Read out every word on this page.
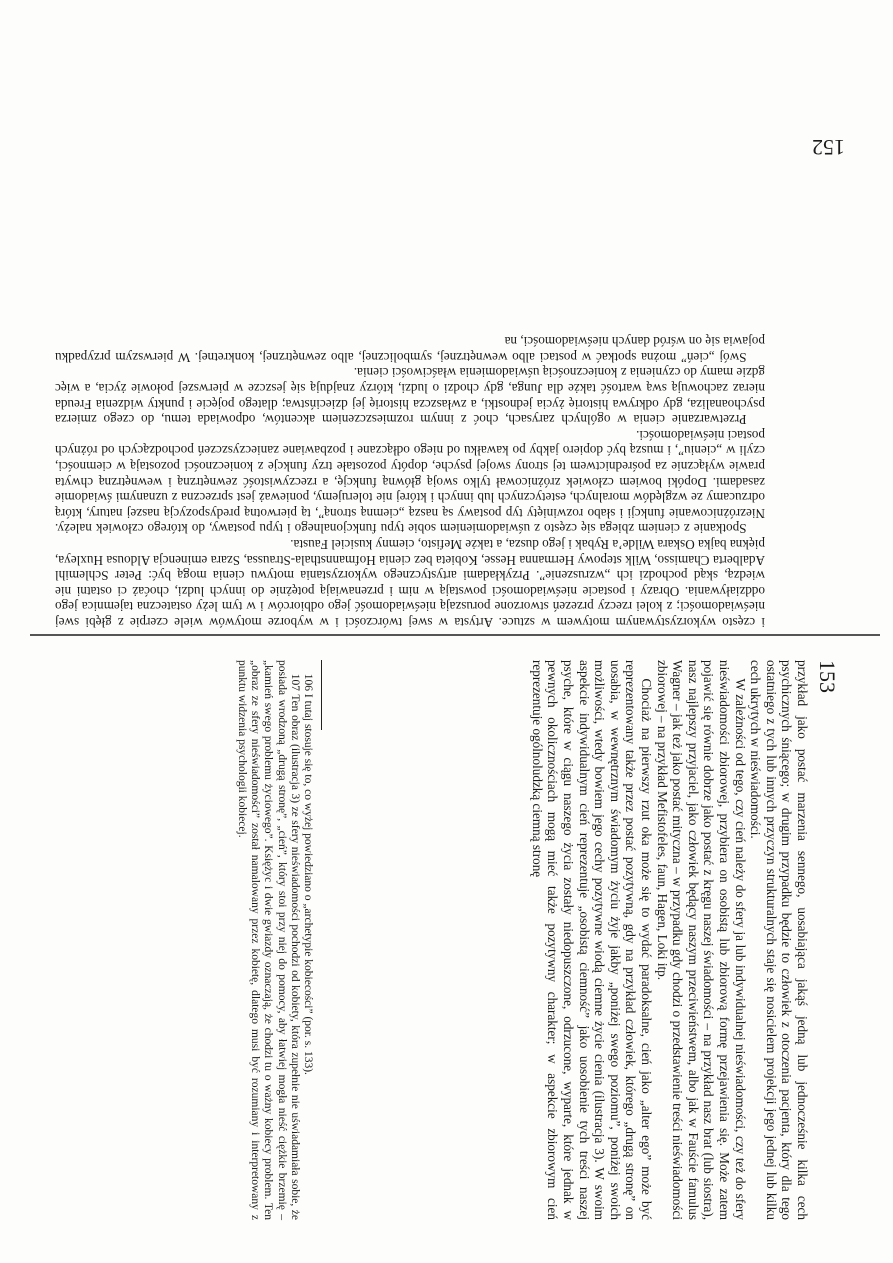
i często wykorzystywanym motywem w sztuce. Artysta w swej twórczości i w wyborze motywów wiele czerpie z głębi swej nieświadomości; z kolei rzeczy przezeń stworzone poruszają nieświadomość jego odbiorców i w tym leży ostateczna tajemnica jego oddziaływania. Obrazy i postacie nieświadomości powstają w nim i przenawiają potężnie do innych ludzi, choćaż ci ostatni nie wiedzą, skąd pochodzi ich „wzruszenie”. Przykładami artystycznego wykorzystania motywu cienia mogą być: Peter Schlemihl Adalberta Chamisso, Wilk stepowy Hermanna Hesse, Kobieta bez cienia Hofmannsthala-Straussa, Szara eminencja Aldousa Huxleya, piękna bajka Oskara Wilde’a Rybak i jego dusza, a także Mefisto, ciemny kusiciel Fausta.

Spotkanie z cieniem zbiega się często z uświadomieniem sobie typu funkcjonalnego i typu postawy, do którego człowiek należy. Niezróżnicowanie funkcji i słabo rozwinięty typ postawy są naszą „ciemną stroną”, tą pierwotną predyspozycją naszej natury, którą odrzucamy ze względów moralnych, estetycznych lub innych i której nie tolerujemy, ponieważ jest sprzeczna z uznanymi świadomie zasadami. Dopóki bowiem człowiek zróżnicował tylko swoją główną funkcję, a rzeczywistość zewnętrzną i wewnętrzną chwyta prawie wyłącznie za pośrednictwem tej strony swojej psyche, dopóty pozostałe trzy funkcje z konieczności pozostają w ciemności, czyli w „cieniu”, i muszą być dopiero jakby po kawałku od niego odłączane i pozbawiane zanieczyszczeń pochodzących od różnych postaci nieświadomości.

Przetwarzanie cienia w ogólnych zarysach, choć z innym rozmieszczeniem akcentów, odpowiada temu, do czego zmierza psychoanaliza, gdy odkrywa historię życia jednostki, a zwłaszcza historię jej dzieciństwa; dlatego pojęcie i punkty widzenia Freuda nieraz zachowują swą wartość także dla Junga, gdy chodzi o ludzi, którzy znajdują się jeszcze w pierwszej połowie życia, a więc gdzie mamy do czynienia z koniecznością uświadomienia właściwości cienia.

Swój „cień” można spotkać w postaci albo wewnętrznej, symbolicznej, albo zewnętrznej, konkretnej. W pierwszym przypadku pojawia się on wśród danych nieświadomości, na

152

przykład jako postać marzenia sennego, uosabiająca jakąś jedną lub jednocześnie kilka cech psychicznych śniącego; w drugim przypadku będzie to człowiek z otoczenia pacjenta, który dla tego ostatniego z tych lub innych przyczyn strukturalnych staje się nosicielem projekcji jego jednej lub kilku cech ukrytych w nieświadomości.

W zależności od tego, czy cień należy do sfery ja lub indywidualnej nieświadomości, czy też do sfery nieświadomości zbiorowej, przybiera on osobistą lub zbiorową formę przejawienia się. Może zatem pojawić się równie dobrze jako postać z kręgu naszej świadomości – na przykład nasz brat (lub siostra), nasz najlepszy przyjaciel, jako człowiek będący naszym przeciwieństwem, albo jak w Fauście famulus Wagner – jak też jako postać mityczna – w przypadku gdy chodzi o przedstawienie treści nieświadomości zbiorowej – na przykład Mefistofeles, faun, Hagen, Loki itp.

Chociaż na pierwszy rzut oka może się to wydać paradoksalne, cień jako „alter ego” może być reprezentowany także przez postać pozytywną, gdy na przykład człowiek, którego „drugą stronę” on uosabia, w wewnętrznym świadomym życiu żyje jakby „poniżej swego poziomu”, poniżej swoich możliwości, wtedy bowiem jego cechy pozytywne wiodą ciemne życie cienia (ilustracja 3). W swoim aspekcie indywidualnym cień reprezentuje „osobistą ciemność” jako uosobienie tych treści naszej psyche, które w ciągu naszego życia zostały niedopuszczone, odrzucone, wyparte, które jednak w pewnych okolicznościach mogą mieć także pozytywny charakter; w aspekcie zbiorowym cień reprezentuje ogólnoludzką ciemną stronę

106 I tutaj stosuje się to, co wyżej powiedziano o „archetypie kobiecości” (por. s. 133).

107 Ten obraz (ilustracja 3) ze sfery nieświadomości pochodzi od kobiety, która zupełnie nie uświadamiała sobie, że posiada wrodzoną „drugą stronę”, „cień”, który stoi przy niej do pomocy, aby łatwiej mogła nieść ciężkie brzemię – „kamień swego problemu życiowego”. Księżyc i dwie gwiazdy oznaczają, że chodzi tu o ważny kobiecy problem. Ten „obraz ze sfery nieświadomości” został namalowany przez kobietę, dlatego musi być rozumiany i interpretowany z punktu widzenia psychologii kobiecej.	153
